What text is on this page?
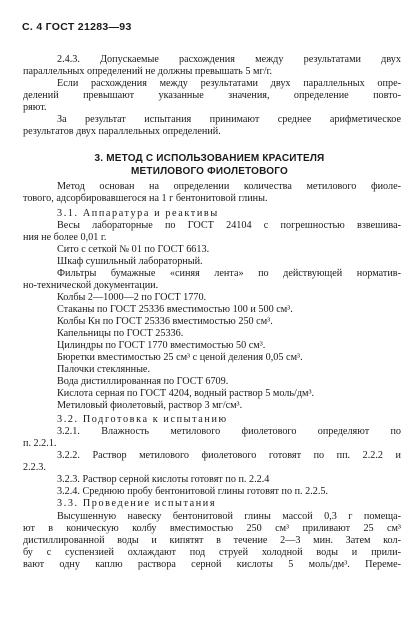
С. 4 ГОСТ 21283—93
3. МЕТОД С ИСПОЛЬЗОВАНИЕМ КРАСИТЕЛЯ
МЕТИЛОВОГО ФИОЛЕТОВОГО
2.4.3. Допускаемые расхождения между результатами двух
параллельных определений не должны превышать 5 мг/г.
Если расхождения между результатами двух параллельных опре-
делений превышают указанные значения, определение повто-
ряют.
За результат испытания принимают среднее арифметическое
результатов двух параллельных определений.
Метод основан на определении количества метилового фиоле-
тового, адсорбировавшегося на 1 г бентонитовой глины.
3.1. Аппаратура и реактивы
Весы лабораторные по ГОСТ 24104 с погрешностью взвешива-
ния не более 0,01 г.
Сито с сеткой № 01 по ГОСТ 6613.
Шкаф сушильный лабораторный.
Фильтры бумажные «синяя лента» по действующей норматив-
но-технической документации.
Колбы 2—1000—2 по ГОСТ 1770.
Стаканы по ГОСТ 25336 вместимостью 100 и 500 см³.
Колбы Кн по ГОСТ 25336 вместимостью 250 см³.
Капельницы по ГОСТ 25336.
Цилиндры по ГОСТ 1770 вместимостью 50 см³.
Бюретки вместимостью 25 см³ с ценой деления 0,05 см³.
Палочки стеклянные.
Вода дистиллированная по ГОСТ 6709.
Кислота серная по ГОСТ 4204, водный раствор 5 моль/дм³.
Метиловый фиолетовый, раствор 3 мг/см³.
3.2. Подготовка к испытанию
3.2.1. Влажность метилового фиолетового определяют по
п. 2.2.1.
3.2.2. Раствор метилового фиолетового готовят по пп. 2.2.2 и
2.2.3.
3.2.3. Раствор серной кислоты готовят по п. 2.2.4
3.2.4. Среднюю пробу бентонитовой глины готовят по п. 2.2.5.
3.3. Проведение испытания
Высушенную навеску бентонитовой глины массой 0,3 г помеща-
ют в коническую колбу вместимостью 250 см³ приливают 25 см³
дистиллированной воды и кипятят в течение 2—3 мин. Затем кол-
бу с суспензией охлаждают под струей холодной воды и прили-
вают одну каплю раствора серной кислоты 5 моль/дм³. Переме-
